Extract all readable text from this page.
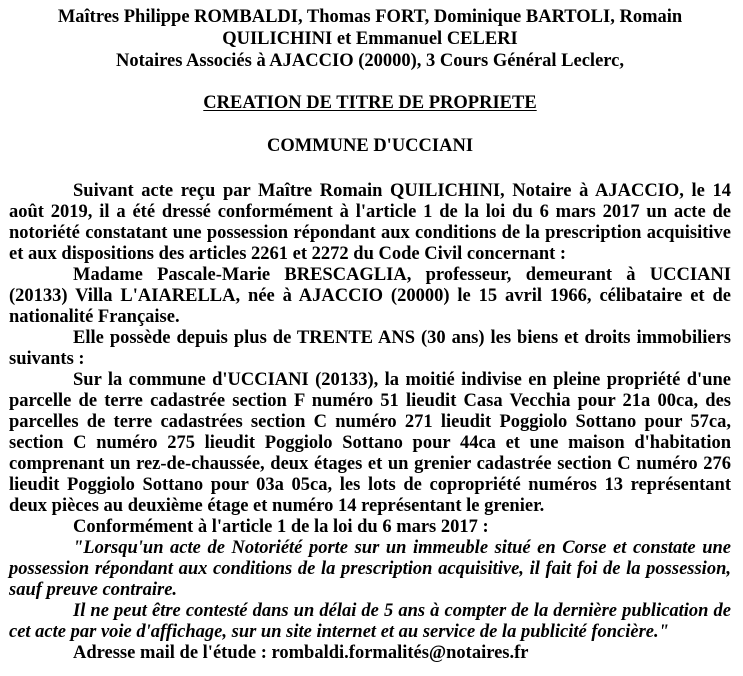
Maîtres Philippe ROMBALDI, Thomas FORT, Dominique BARTOLI, Romain QUILICHINI et Emmanuel CELERI

Notaires Associés à AJACCIO (20000), 3 Cours Général Leclerc,

CREATION DE TITRE DE PROPRIETE

COMMUNE D'UCCIANI

Suivant acte reçu par Maître Romain QUILICHINI, Notaire à AJACCIO, le 14 août 2019, il a été dressé conformément à l'article 1 de la loi du 6 mars 2017 un acte de notoriété constatant une possession répondant aux conditions de la prescription acquisitive et aux dispositions des articles 2261 et 2272 du Code Civil concernant :

Madame Pascale-Marie BRESCAGLIA, professeur, demeurant à UCCIANI (20133) Villa L'AIARELLA, née à AJACCIO (20000) le 15 avril 1966, célibataire et de nationalité Française.

Elle possède depuis plus de TRENTE ANS (30 ans) les biens et droits immobiliers suivants :

Sur la commune d'UCCIANI (20133), la moitié indivise en pleine propriété d'une parcelle de terre cadastrée section F numéro 51 lieudit Casa Vecchia pour 21a 00ca, des parcelles de terre cadastrées section C numéro 271 lieudit Poggiolo Sottano pour 57ca, section C numéro 275 lieudit Poggiolo Sottano pour 44ca et une maison d'habitation comprenant un rez-de-chaussée, deux étages et un grenier cadastrée section C numéro 276 lieudit Poggiolo Sottano pour 03a 05ca, les lots de copropriété numéros 13 représentant deux pièces au deuxième étage et numéro 14 représentant le grenier.

Conformément à l'article 1 de la loi du 6 mars 2017 :

"Lorsqu'un acte de Notoriété porte sur un immeuble situé en Corse et constate une possession répondant aux conditions de la prescription acquisitive, il fait foi de la possession, sauf preuve contraire.

Il ne peut être contesté dans un délai de 5 ans à compter de la dernière publication de cet acte par voie d'affichage, sur un site internet et au service de la publicité foncière."

Adresse mail de l'étude : rombaldi.formalités@notaires.fr
